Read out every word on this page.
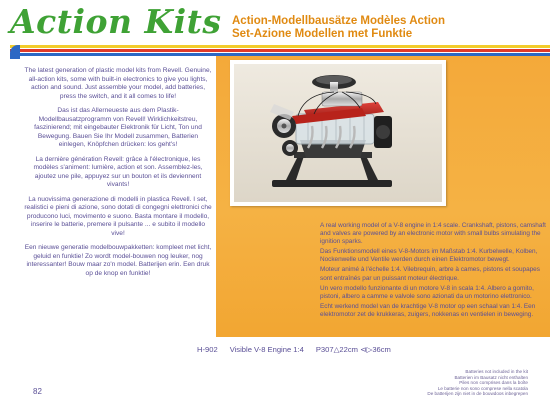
Action Kits Action-Modellbausätze Modèles Action
Set-Azione Modellen met Funktie

The latest generation of plastic model kits from Revell. Genuine, all-action kits, some with built-in electronics to give you lights, action and sound. Just assemble your model, add batteries, press the switch, and it all comes to life!

Das ist das Allerneueste aus dem Plastik-Modellbausatzprogramm von Revell! Wirklichkeitstreu, faszinierend; mit eingebauter Elektronik für Licht, Ton und Bewegung. Bauen Sie Ihr Modell zusammen, Batterien einlegen, Knöpfchen drücken: los geht's!

La dernière génération Revell: grâce à l'électronique, les modèles s'animent: lumière, action et son. Assemblez-les, ajoutez une pile, appuyez sur un bouton et ils deviennent vivants!

La nuovissima generazione di modelli in plastica Revell. I set, realistici e pieni di azione, sono dotati di congegni elettronici che producono luci, movimento e suono. Basta montare il modello, inserire le batterie, premere il pulsante ... e subito il modello vive!

Een nieuwe generatie modelbouwpakketten: kompleet met licht, geluid en funktie! Zo wordt model-bouwen nog leuker, nog interessanter! Bouw maar zo'n model. Batterijen erin. Een druk op de knop en funktie!

A real working model of a V-8 engine in 1:4 scale. Crankshaft, pistons, camshaft and valves are powered by an electronic motor with small bulbs simulating the ignition sparks.

Das Funktionsmodell eines V-8-Motors im Maßstab 1:4. Kurbelwelle, Kolben, Nockenwelle und Ventile werden durch einen Elektromotor bewegt.

Moteur animé à l'échelle 1:4. Vilebrequin, arbre à cames, pistons et soupapes sont entraînés par un puissant moteur électrique.

Un vero modello funzionante di un motore V-8 in scala 1:4. Albero a gomito, pistoni, albero a camme e valvole sono azionati da un motorino elettronico.

Echt werkend model van de krachtige V-8 motor op een schaal van 1:4. Een elektromotor zet de krukkeras, zuigers, nokkenas en ventielen in beweging.

H-902 Visible V-8 Engine 1:4 P307△22cm ⊲▷36cm
82
Batteries not included in the kit
Batterien im Bausatz nicht enthalten
Piles non comprises dans la boîte
Le batterie non sono comprese nella scatola
De batterijen zijn niet in de bouwdoos inbegrepen
